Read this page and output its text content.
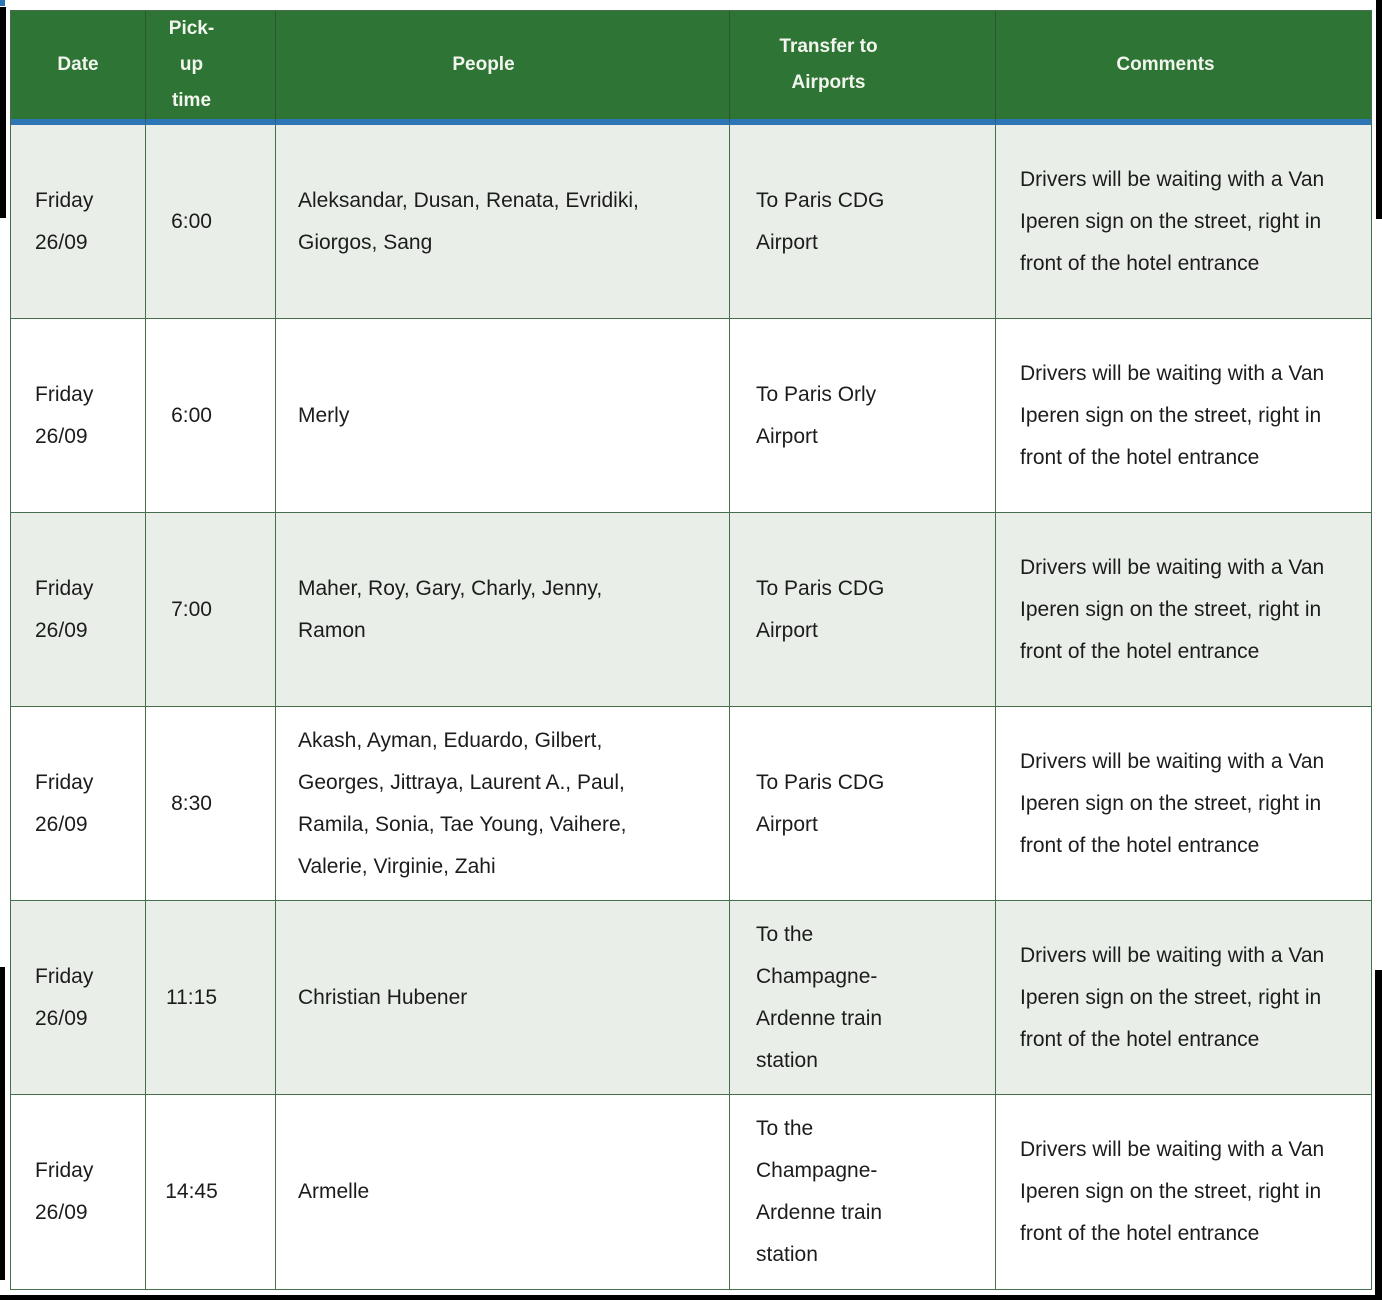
Date	Pick-up time	People	Transfer to Airports	Comments
Friday 26/09	6:00	Aleksandar, Dusan, Renata, Evridiki, Giorgos, Sang	To Paris CDG Airport	Drivers will be waiting with a Van Iperen sign on the street, right in front of the hotel entrance
Friday 26/09	6:00	Merly	To Paris Orly Airport	Drivers will be waiting with a Van Iperen sign on the street, right in front of the hotel entrance
Friday 26/09	7:00	Maher, Roy, Gary, Charly, Jenny, Ramon	To Paris CDG Airport	Drivers will be waiting with a Van Iperen sign on the street, right in front of the hotel entrance
Friday 26/09	8:30	Akash, Ayman, Eduardo, Gilbert, Georges, Jittraya, Laurent A., Paul, Ramila, Sonia, Tae Young, Vaihere, Valerie, Virginie, Zahi	To Paris CDG Airport	Drivers will be waiting with a Van Iperen sign on the street, right in front of the hotel entrance
Friday 26/09	11:15	Christian Hubener	To the Champagne-Ardenne train station	Drivers will be waiting with a Van Iperen sign on the street, right in front of the hotel entrance
Friday 26/09	14:45	Armelle	To the Champagne-Ardenne train station	Drivers will be waiting with a Van Iperen sign on the street, right in front of the hotel entrance
